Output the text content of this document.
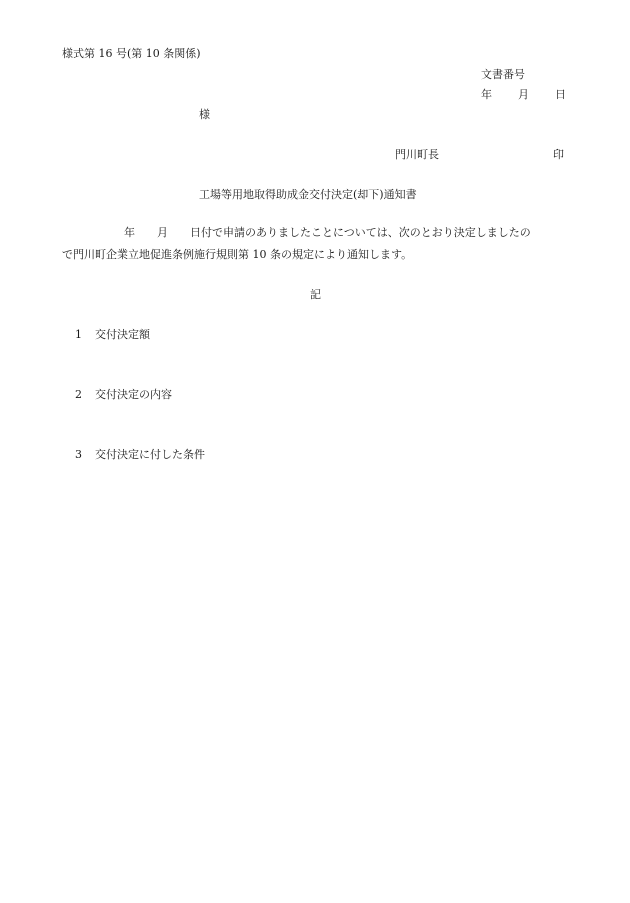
様式第 16 号(第 10 条関係)
文書番号
年 月 日
様
門川町長	印
工場等用地取得助成金交付決定(却下)通知書

年　　月　　日付で申請のありましたことについては、次のとおり決定しましたの

で門川町企業立地促進条例施行規則第 10 条の規定により通知します。

記
1 交付決定額
2 交付決定の内容
3 交付決定に付した条件
